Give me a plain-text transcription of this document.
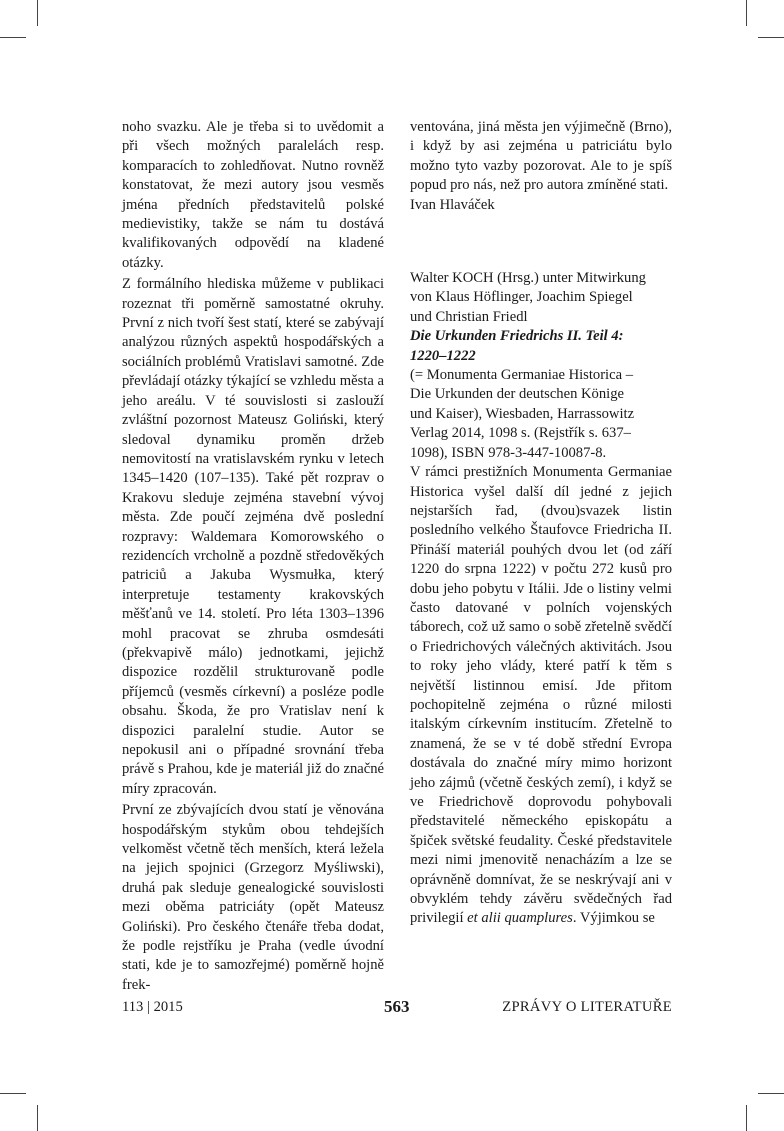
noho svazku. Ale je třeba si to uvědomit a při všech možných paralelách resp. komparacích to zohledňovat. Nutno rovněž konstatovat, že mezi autory jsou vesměs jména předních představitelů polské medievistiky, takže se nám tu dostává kvalifikovaných odpovědí na kladené otázky.

Z formálního hlediska můžeme v publikaci rozeznat tři poměrně samostatné okruhy. První z nich tvoří šest statí, které se zabývají analýzou různých aspektů hospodářských a sociálních problémů Vratislavi samotné. Zde převládají otázky týkající se vzhledu města a jeho areálu. V té souvislosti si zaslouží zvláštní pozornost Mateusz Goliński, který sledoval dynamiku proměn držeb nemovitostí na vratislavském rynku v letech 1345–1420 (107–135). Také pět rozprav o Krakovu sleduje zejména stavební vývoj města. Zde poučí zejména dvě poslední rozpravy: Waldemara Komorowského o rezidencích vrcholně a pozdně středověkých patriciů a Jakuba Wysmułka, který interpretuje testamenty krakovských měšťanů ve 14. století. Pro léta 1303–1396 mohl pracovat se zhruba osmdesáti (překvapivě málo) jednotkami, jejichž dispozice rozdělil strukturovaně podle příjemců (vesměs církevní) a posléze podle obsahu. Škoda, že pro Vratislav není k dispozici paralelní studie. Autor se nepokusil ani o případné srovnání třeba právě s Prahou, kde je materiál již do značné míry zpracován.

První ze zbývajících dvou statí je věnována hospodářským stykům obou tehdejších velkoměst včetně těch menších, která ležela na jejich spojnici (Grzegorz Myśliwski), druhá pak sleduje genealogické souvislosti mezi oběma patriciáty (opět Mateusz Goliński). Pro českého čtenáře třeba dodat, že podle rejstříku je Praha (vedle úvodní stati, kde je to samozřejmé) poměrně hojně frek-

ventována, jiná města jen výjimečně (Brno), i když by asi zejména u patriciátu bylo možno tyto vazby pozorovat. Ale to je spíš popud pro nás, než pro autora zmíněné stati.

Ivan Hlaváček

Walter KOCH (Hrsg.) unter Mitwirkung
von Klaus Höflinger, Joachim Spiegel
und Christian Friedl
Die Urkunden Friedrichs II. Teil 4:
1220–1222
(= Monumenta Germaniae Historica –
Die Urkunden der deutschen Könige
und Kaiser), Wiesbaden, Harrassowitz
Verlag 2014, 1098 s. (Rejstřík s. 637–
1098), ISBN 978-3-447-10087-8.

V rámci prestižních Monumenta Germaniae Historica vyšel další díl jedné z jejich nejstarších řad, (dvou)svazek listin posledního velkého Štaufovce Friedricha II. Přináší materiál pouhých dvou let (od září 1220 do srpna 1222) v počtu 272 kusů pro dobu jeho pobytu v Itálii. Jde o listiny velmi často datované v polních vojenských táborech, což už samo o sobě zřetelně svědčí o Friedrichových válečných aktivitách. Jsou to roky jeho vlády, které patří k těm s největší listinnou emisí. Jde přitom pochopitelně zejména o různé milosti italským církevním institucím. Zřetelně to znamená, že se v té době střední Evropa dostávala do značné míry mimo horizont jeho zájmů (včetně českých zemí), i když se ve Friedrichově doprovodu pohybovali představitelé německého episkopátu a špiček světské feudality. České představitele mezi nimi jmenovitě nenacházím a lze se oprávněně domnívat, že se neskrývají ani v obvyklém tehdy závěru svědečných řad privilegií et alii quamplures. Výjimkou se

113 | 2015	563	ZPRÁVY O LITERATUŘE
